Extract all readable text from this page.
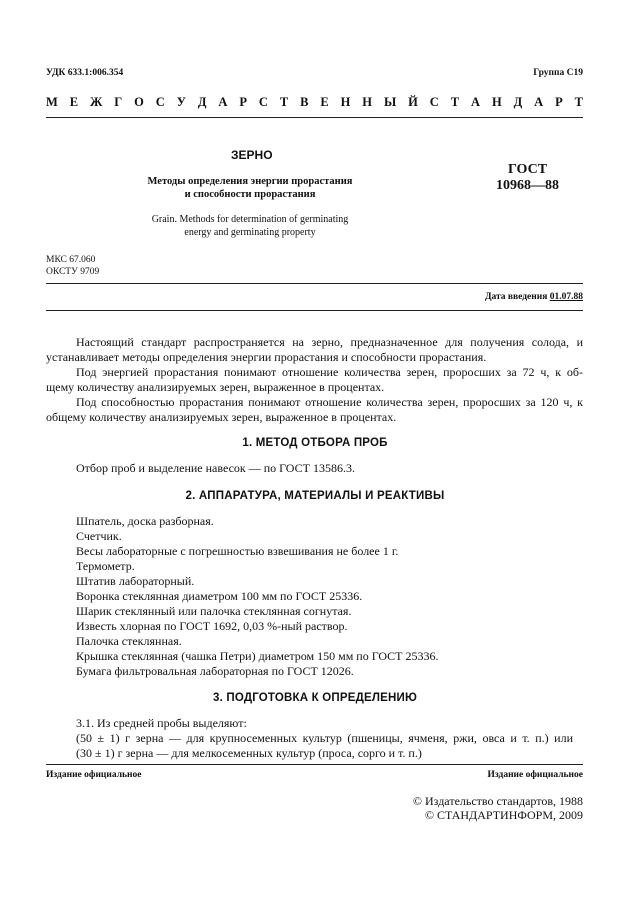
УДК 633.1:006.354	Группа С19
М Е Ж Г О С У Д А Р С Т В Е Н Н Ы Й С Т А Н Д А Р Т
ЗЕРНО
Методы определения энергии прорастания
и способности прорастания
Grain. Methods for determination of germinating
energy and germinating property
ГОСТ
10968—88
МКС 67.060
ОКСТУ 9709
Дата введения 01.07.88
Настоящий стандарт распространяется на зерно, предназначенное для получения солода, и
устанавливает методы определения энергии прорастания и способности прорастания.
Под энергией прорастания понимают отношение количества зерен, проросших за 72 ч, к об-
щему количеству анализируемых зерен, выраженное в процентах.
Под способностью прорастания понимают отношение количества зерен, проросших за 120 ч, к
общему количеству анализируемых зерен, выраженное в процентах.
1. МЕТОД ОТБОРА ПРОБ
Отбор проб и выделение навесок — по ГОСТ 13586.3.
2. АППАРАТУРА, МАТЕРИАЛЫ И РЕАКТИВЫ
Шпатель, доска разборная.
Счетчик.
Весы лабораторные с погрешностью взвешивания не более 1 г.
Термометр.
Штатив лабораторный.
Воронка стеклянная диаметром 100 мм по ГОСТ 25336.
Шарик стеклянный или палочка стеклянная согнутая.
Известь хлорная по ГОСТ 1692, 0,03 %-ный раствор.
Палочка стеклянная.
Крышка стеклянная (чашка Петри) диаметром 150 мм по ГОСТ 25336.
Бумага фильтровальная лабораторная по ГОСТ 12026.
3. ПОДГОТОВКА К ОПРЕДЕЛЕНИЮ
3.1. Из средней пробы выделяют:
(50 ± 1) г зерна — для крупносеменных культур (пшеницы, ячменя, ржи, овса и т. п.) или
(30 ± 1) г зерна — для мелкосеменных культур (проса, сорго и т. п.)
Издание официальное	Издание официальное
© Издательство стандартов, 1988
© СТАНДАРТИНФОРМ, 2009
